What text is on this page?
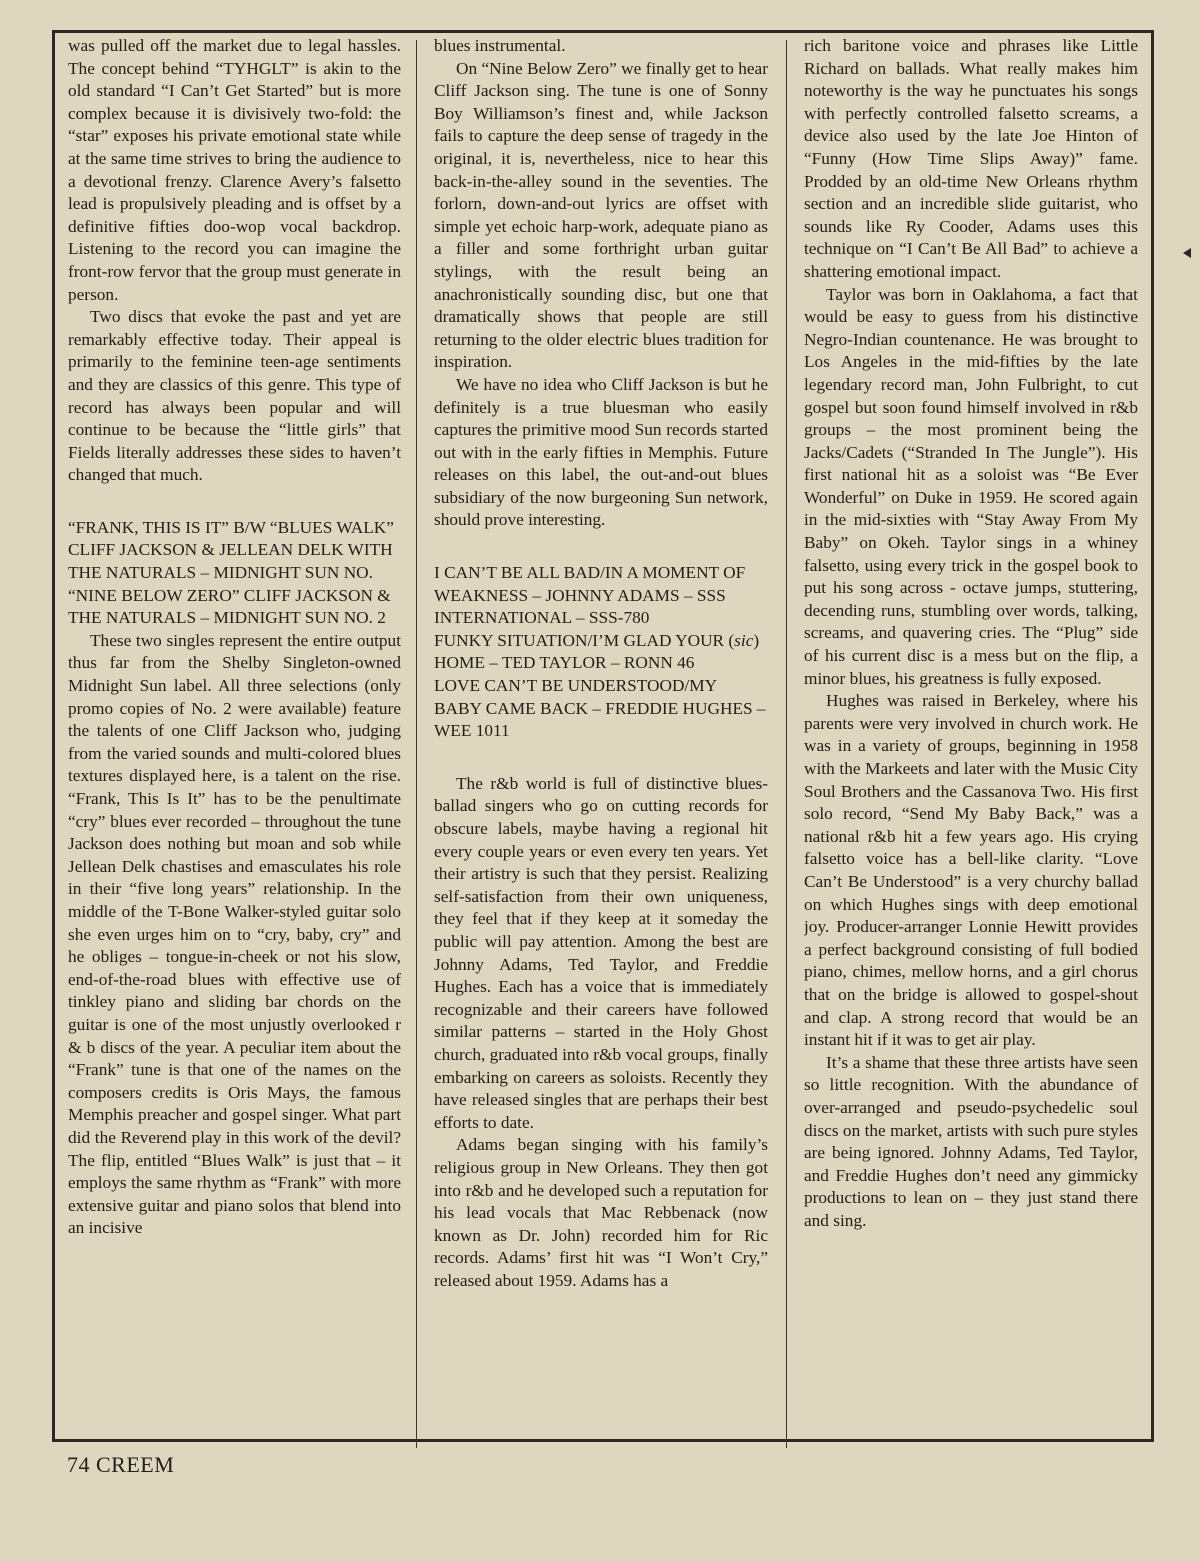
was pulled off the market due to legal hassles. The concept behind “TYHGLT” is akin to the old standard “I Can’t Get Started” but is more complex because it is divisively two-fold: the “star” exposes his private emotional state while at the same time strives to bring the audience to a devotional frenzy. Clarence Avery’s falsetto lead is propulsively pleading and is offset by a definitive fifties doo-wop vocal backdrop. Listening to the record you can imagine the front-row fervor that the group must generate in person.

Two discs that evoke the past and yet are remarkably effective today. Their appeal is primarily to the feminine teen-age sentiments and they are classics of this genre. This type of record has always been popular and will continue to be because the “little girls” that Fields literally addresses these sides to haven’t changed that much.

“FRANK, THIS IS IT” B/W “BLUES WALK” CLIFF JACKSON & JELLEAN DELK WITH THE NATURALS – MIDNIGHT SUN NO.

“NINE BELOW ZERO” CLIFF JACKSON & THE NATURALS – MIDNIGHT SUN NO. 2

These two singles represent the entire output thus far from the Shelby Singleton-owned Midnight Sun label. All three selections (only promo copies of No. 2 were available) feature the talents of one Cliff Jackson who, judging from the varied sounds and multi-colored blues textures displayed here, is a talent on the rise. “Frank, This Is It” has to be the penultimate “cry” blues ever recorded – throughout the tune Jackson does nothing but moan and sob while Jellean Delk chastises and emasculates his role in their “five long years” relationship. In the middle of the T-Bone Walker-styled guitar solo she even urges him on to “cry, baby, cry” and he obliges – tongue-in-cheek or not his slow, end-of-the-road blues with effective use of tinkley piano and sliding bar chords on the guitar is one of the most unjustly overlooked r & b discs of the year. A peculiar item about the “Frank” tune is that one of the names on the composers credits is Oris Mays, the famous Memphis preacher and gospel singer. What part did the Reverend play in this work of the devil? The flip, entitled “Blues Walk” is just that – it employs the same rhythm as “Frank” with more extensive guitar and piano solos that blend into an incisive

blues instrumental.

On “Nine Below Zero” we finally get to hear Cliff Jackson sing. The tune is one of Sonny Boy Williamson’s finest and, while Jackson fails to capture the deep sense of tragedy in the original, it is, nevertheless, nice to hear this back-in-the-alley sound in the seventies. The forlorn, down-and-out lyrics are offset with simple yet echoic harp-work, adequate piano as a filler and some forthright urban guitar stylings, with the result being an anachronistically sounding disc, but one that dramatically shows that people are still returning to the older electric blues tradition for inspiration.

We have no idea who Cliff Jackson is but he definitely is a true bluesman who easily captures the primitive mood Sun records started out with in the early fifties in Memphis. Future releases on this label, the out-and-out blues subsidiary of the now burgeoning Sun network, should prove interesting.

I CAN’T BE ALL BAD/IN A MOMENT OF WEAKNESS – JOHNNY ADAMS – SSS INTERNATIONAL – SSS-780

FUNKY SITUATION/I’M GLAD YOUR (sic) HOME – TED TAYLOR – RONN 46

LOVE CAN’T BE UNDERSTOOD/MY BABY CAME BACK – FREDDIE HUGHES – WEE 1011

The r&b world is full of distinctive blues-ballad singers who go on cutting records for obscure labels, maybe having a regional hit every couple years or even every ten years. Yet their artistry is such that they persist. Realizing self-satisfaction from their own uniqueness, they feel that if they keep at it someday the public will pay attention. Among the best are Johnny Adams, Ted Taylor, and Freddie Hughes. Each has a voice that is immediately recognizable and their careers have followed similar patterns – started in the Holy Ghost church, graduated into r&b vocal groups, finally embarking on careers as soloists. Recently they have released singles that are perhaps their best efforts to date.

Adams began singing with his family’s religious group in New Orleans. They then got into r&b and he developed such a reputation for his lead vocals that Mac Rebbenack (now known as Dr. John) recorded him for Ric records. Adams’ first hit was “I Won’t Cry,” released about 1959. Adams has a

rich baritone voice and phrases like Little Richard on ballads. What really makes him noteworthy is the way he punctuates his songs with perfectly controlled falsetto screams, a device also used by the late Joe Hinton of “Funny (How Time Slips Away)” fame. Prodded by an old-time New Orleans rhythm section and an incredible slide guitarist, who sounds like Ry Cooder, Adams uses this technique on “I Can’t Be All Bad” to achieve a shattering emotional impact.

Taylor was born in Oaklahoma, a fact that would be easy to guess from his distinctive Negro-Indian countenance. He was brought to Los Angeles in the mid-fifties by the late legendary record man, John Fulbright, to cut gospel but soon found himself involved in r&b groups – the most prominent being the Jacks/Cadets (“Stranded In The Jungle”). His first national hit as a soloist was “Be Ever Wonderful” on Duke in 1959. He scored again in the mid-sixties with “Stay Away From My Baby” on Okeh. Taylor sings in a whiney falsetto, using every trick in the gospel book to put his song across - octave jumps, stuttering, decending runs, stumbling over words, talking, screams, and quavering cries. The “Plug” side of his current disc is a mess but on the flip, a minor blues, his greatness is fully exposed.

Hughes was raised in Berkeley, where his parents were very involved in church work. He was in a variety of groups, beginning in 1958 with the Markeets and later with the Music City Soul Brothers and the Cassanova Two. His first solo record, “Send My Baby Back,” was a national r&b hit a few years ago. His crying falsetto voice has a bell-like clarity. “Love Can’t Be Understood” is a very churchy ballad on which Hughes sings with deep emotional joy. Producer-arranger Lonnie Hewitt provides a perfect background consisting of full bodied piano, chimes, mellow horns, and a girl chorus that on the bridge is allowed to gospel-shout and clap. A strong record that would be an instant hit if it was to get air play.

It’s a shame that these three artists have seen so little recognition. With the abundance of over-arranged and pseudo-psychedelic soul discs on the market, artists with such pure styles are being ignored. Johnny Adams, Ted Taylor, and Freddie Hughes don’t need any gimmicky productions to lean on – they just stand there and sing.

74 CREEM
